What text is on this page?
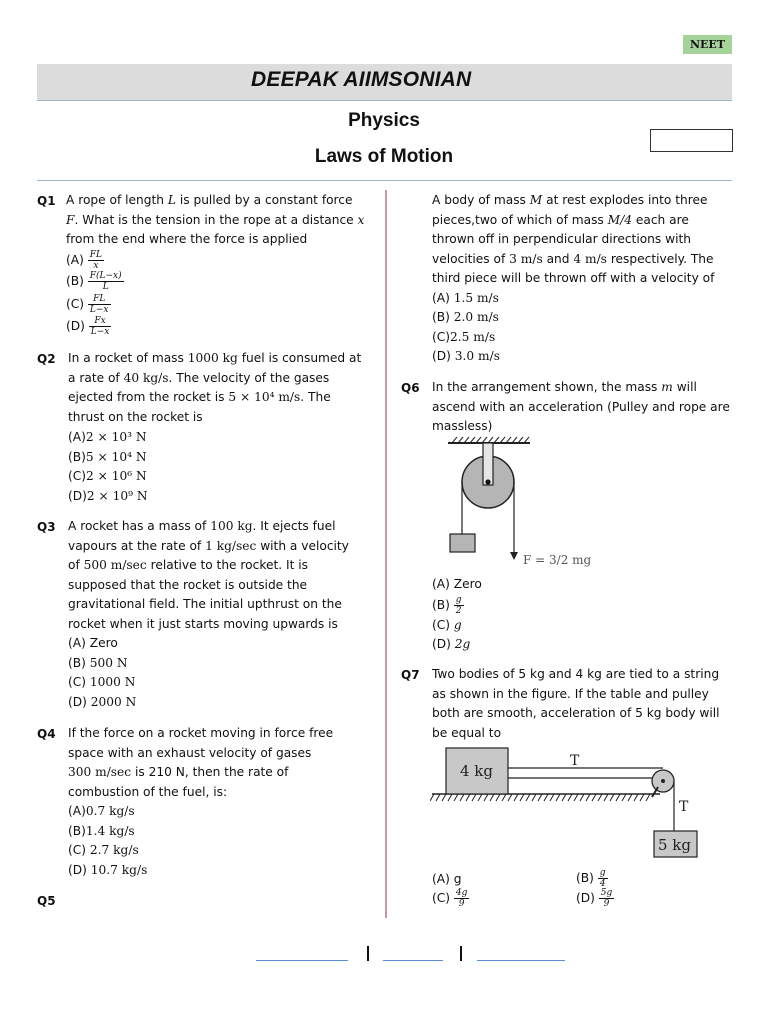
NEET
DEEPAK AIIMSONIAN
Physics
Laws of Motion
Q1 A rope of length L is pulled by a constant force
F. What is the tension in the rope at a distance x
from the end where the force is applied
$(A) \frac{FL}{x}$
$(B) \frac{F(L-x)}{L}$
$(C) \frac{FL}{L-x}$
$(D) \frac{Fx}{L-x}$
Q2 In a rocket of mass 1000 kg fuel is consumed at
a rate of 40 kg/s. The velocity of the gases
ejected from the rocket is 5 × 10⁴ m/s. The
thrust on the rocket is
(A)2 × 10³ N
(B)5 × 10⁴ N
(C)2 × 10⁶ N
(D)2 × 10⁹ N
Q3 A rocket has a mass of 100 kg. It ejects fuel
vapours at the rate of 1 kg/sec with a velocity
of 500 m/sec relative to the rocket. It is
supposed that the rocket is outside the
gravitational field. The initial upthrust on the
rocket when it just starts moving upwards is
(A) Zero
(B) 500 N
(C) 1000 N
(D) 2000 N
Q4 If the force on a rocket moving in force free
space with an exhaust velocity of gases
300 m/sec is 210 N, then the rate of
combustion of the fuel, is:
(A)0.7 kg/s
(B)1.4 kg/s
(C) 2.7 kg/s
(D) 10.7 kg/s
Q5
A body of mass M at rest explodes into three
pieces,two of which of mass M/4 each are
thrown off in perpendicular directions with
velocities of 3 m/s and 4 m/s respectively. The
third piece will be thrown off with a velocity of
(A) 1.5 m/s
(B) 2.0 m/s
(C)2.5 m/s
(D) 3.0 m/s
Q6 In the arrangement shown, the mass m will
ascend with an acceleration (Pulley and rope are
massless)
F = 3/2 mg
(A) Zero
$(B) \frac{g}{2}$
(C) g
(D) 2g
Q7 Two bodies of 5 kg and 4 kg are tied to a string
as shown in the figure. If the table and pulley
both are smooth, acceleration of 5 kg body will
be equal to
4 kg
T
T
5 kg
(A) g	$(B) \frac{g}{4}$
$(C) \frac{4g}{9}$	$(D) \frac{5g}{9}$
